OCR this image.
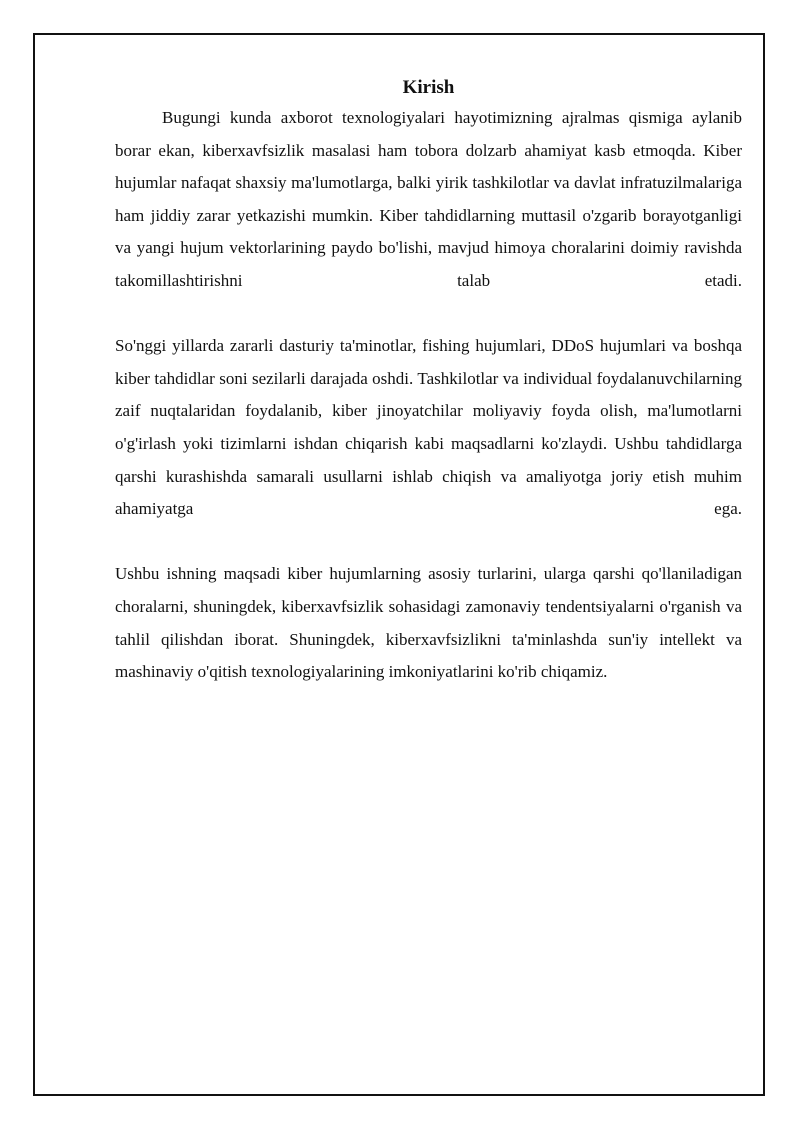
Kirish

Bugungi kunda axborot texnologiyalari hayotimizning ajralmas qismiga aylanib borar ekan, kiberxavfsizlik masalasi ham tobora dolzarb ahamiyat kasb etmoqda. Kiber hujumlar nafaqat shaxsiy ma'lumotlarga, balki yirik tashkilotlar va davlat infratuzilmalariga ham jiddiy zarar yetkazishi mumkin. Kiber tahdidlarning muttasil o'zgarib borayotganligi va yangi hujum vektorlarining paydo bo'lishi, mavjud himoya choralarini doimiy ravishda takomillashtirishni talab etadi.

So'nggi yillarda zararli dasturiy ta'minotlar, fishing hujumlari, DDoS hujumlari va boshqa kiber tahdidlar soni sezilarli darajada oshdi. Tashkilotlar va individual foydalanuvchilarning zaif nuqtalaridan foydalanib, kiber jinoyatchilar moliyaviy foyda olish, ma'lumotlarni o'g'irlash yoki tizimlarni ishdan chiqarish kabi maqsadlarni ko'zlaydi. Ushbu tahdidlarga qarshi kurashishda samarali usullarni ishlab chiqish va amaliyotga joriy etish muhim ahamiyatga ega.

Ushbu ishning maqsadi kiber hujumlarning asosiy turlarini, ularga qarshi qo'llaniladigan choralarni, shuningdek, kiberxavfsizlik sohasidagi zamonaviy tendentsiyalarni o'rganish va tahlil qilishdan iborat. Shuningdek, kiberxavfsizlikni ta'minlashda sun'iy intellekt va mashinaviy o'qitish texnologiyalarining imkoniyatlarini ko'rib chiqamiz.
